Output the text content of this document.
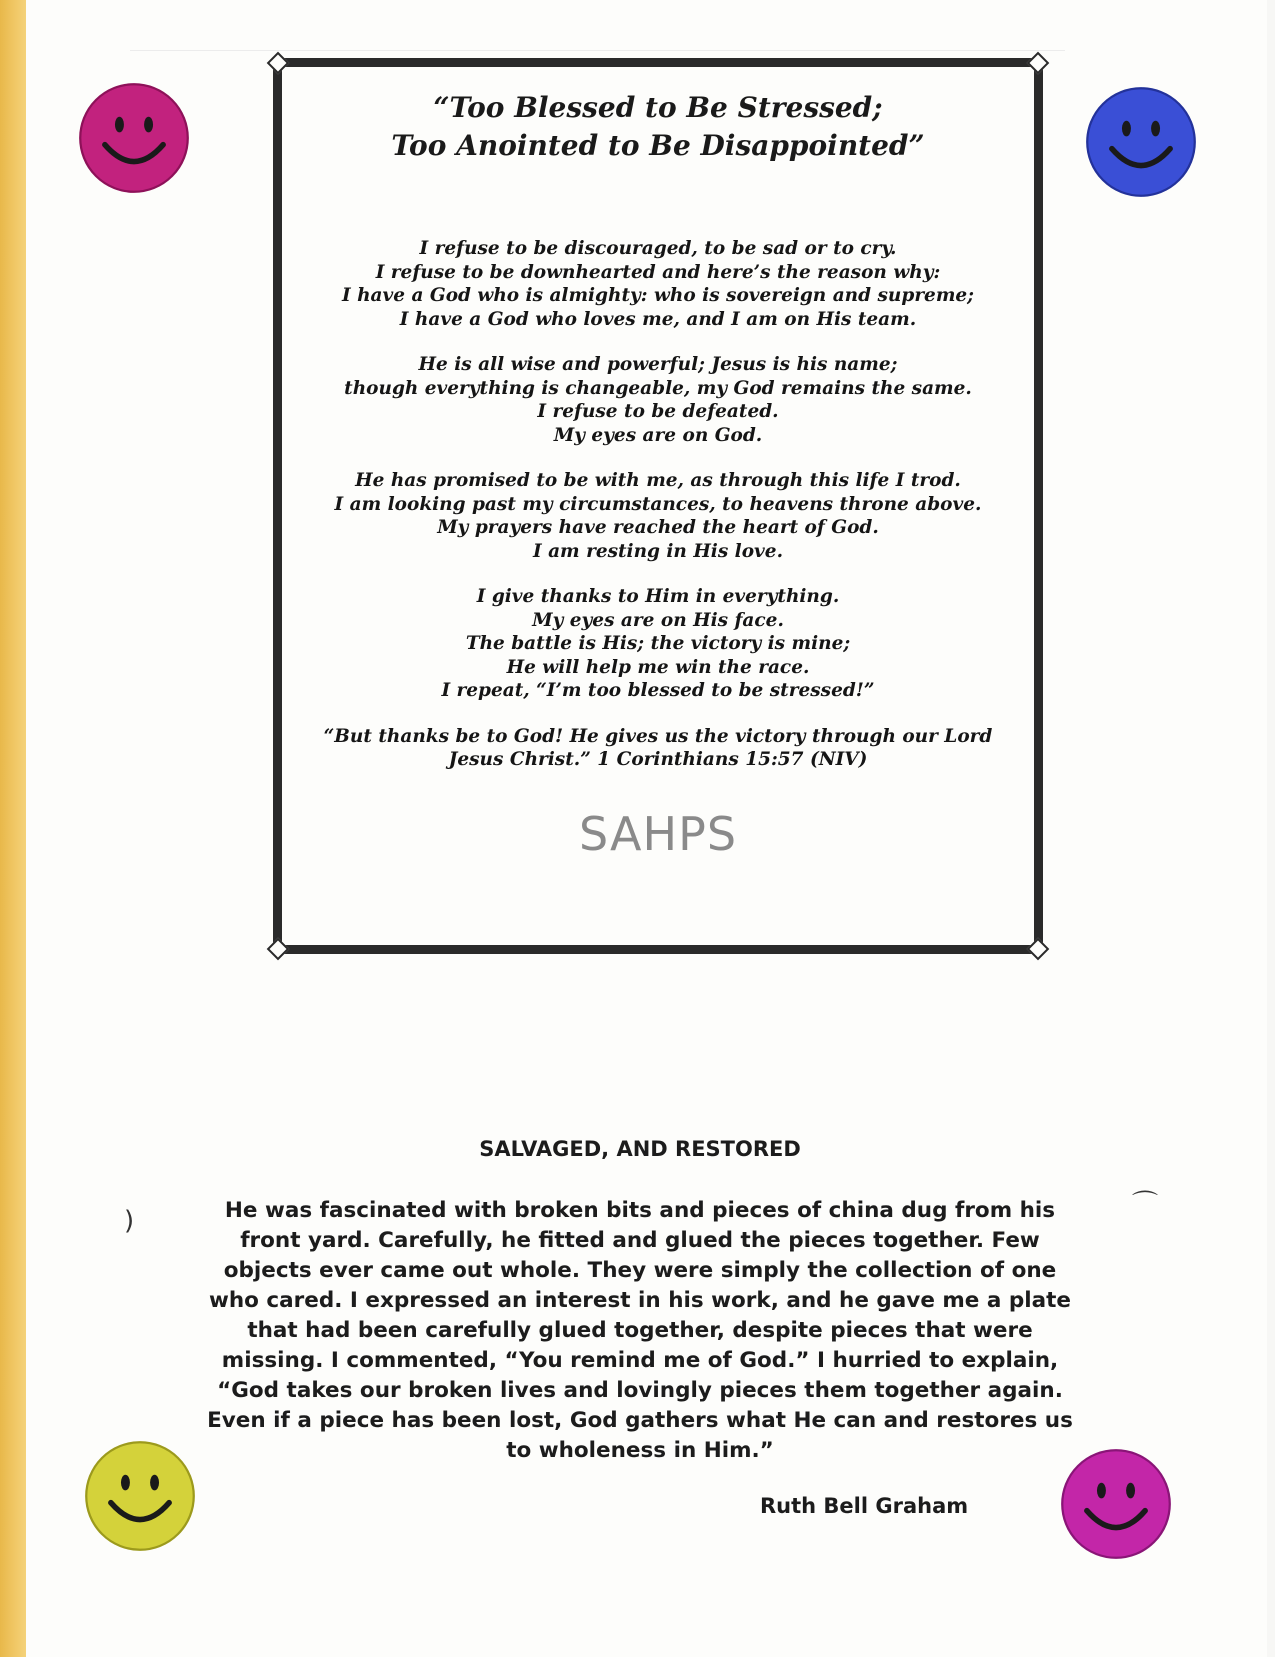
“Too Blessed to Be Stressed;
Too Anointed to Be Disappointed”
I refuse to be discouraged, to be sad or to cry.
I refuse to be downhearted and here’s the reason why:
I have a God who is almighty: who is sovereign and supreme;
I have a God who loves me, and I am on His team.
He is all wise and powerful; Jesus is his name;
though everything is changeable, my God remains the same.
I refuse to be defeated.
My eyes are on God.
He has promised to be with me, as through this life I trod.
I am looking past my circumstances, to heavens throne above.
My prayers have reached the heart of God.
I am resting in His love.
I give thanks to Him in everything.
My eyes are on His face.
The battle is His; the victory is mine;
He will help me win the race.
I repeat, “I’m too blessed to be stressed!”
“But thanks be to God! He gives us the victory through our Lord
Jesus Christ.” 1 Corinthians 15:57 (NIV)
SAHPS
)
⌒
SALVAGED, AND RESTORED
He was fascinated with broken bits and pieces of china dug from his
front yard. Carefully, he fitted and glued the pieces together. Few
objects ever came out whole. They were simply the collection of one
who cared. I expressed an interest in his work, and he gave me a plate
that had been carefully glued together, despite pieces that were
missing. I commented, “You remind me of God.” I hurried to explain,
“God takes our broken lives and lovingly pieces them together again.
Even if a piece has been lost, God gathers what He can and restores us
to wholeness in Him.”
Ruth Bell Graham
